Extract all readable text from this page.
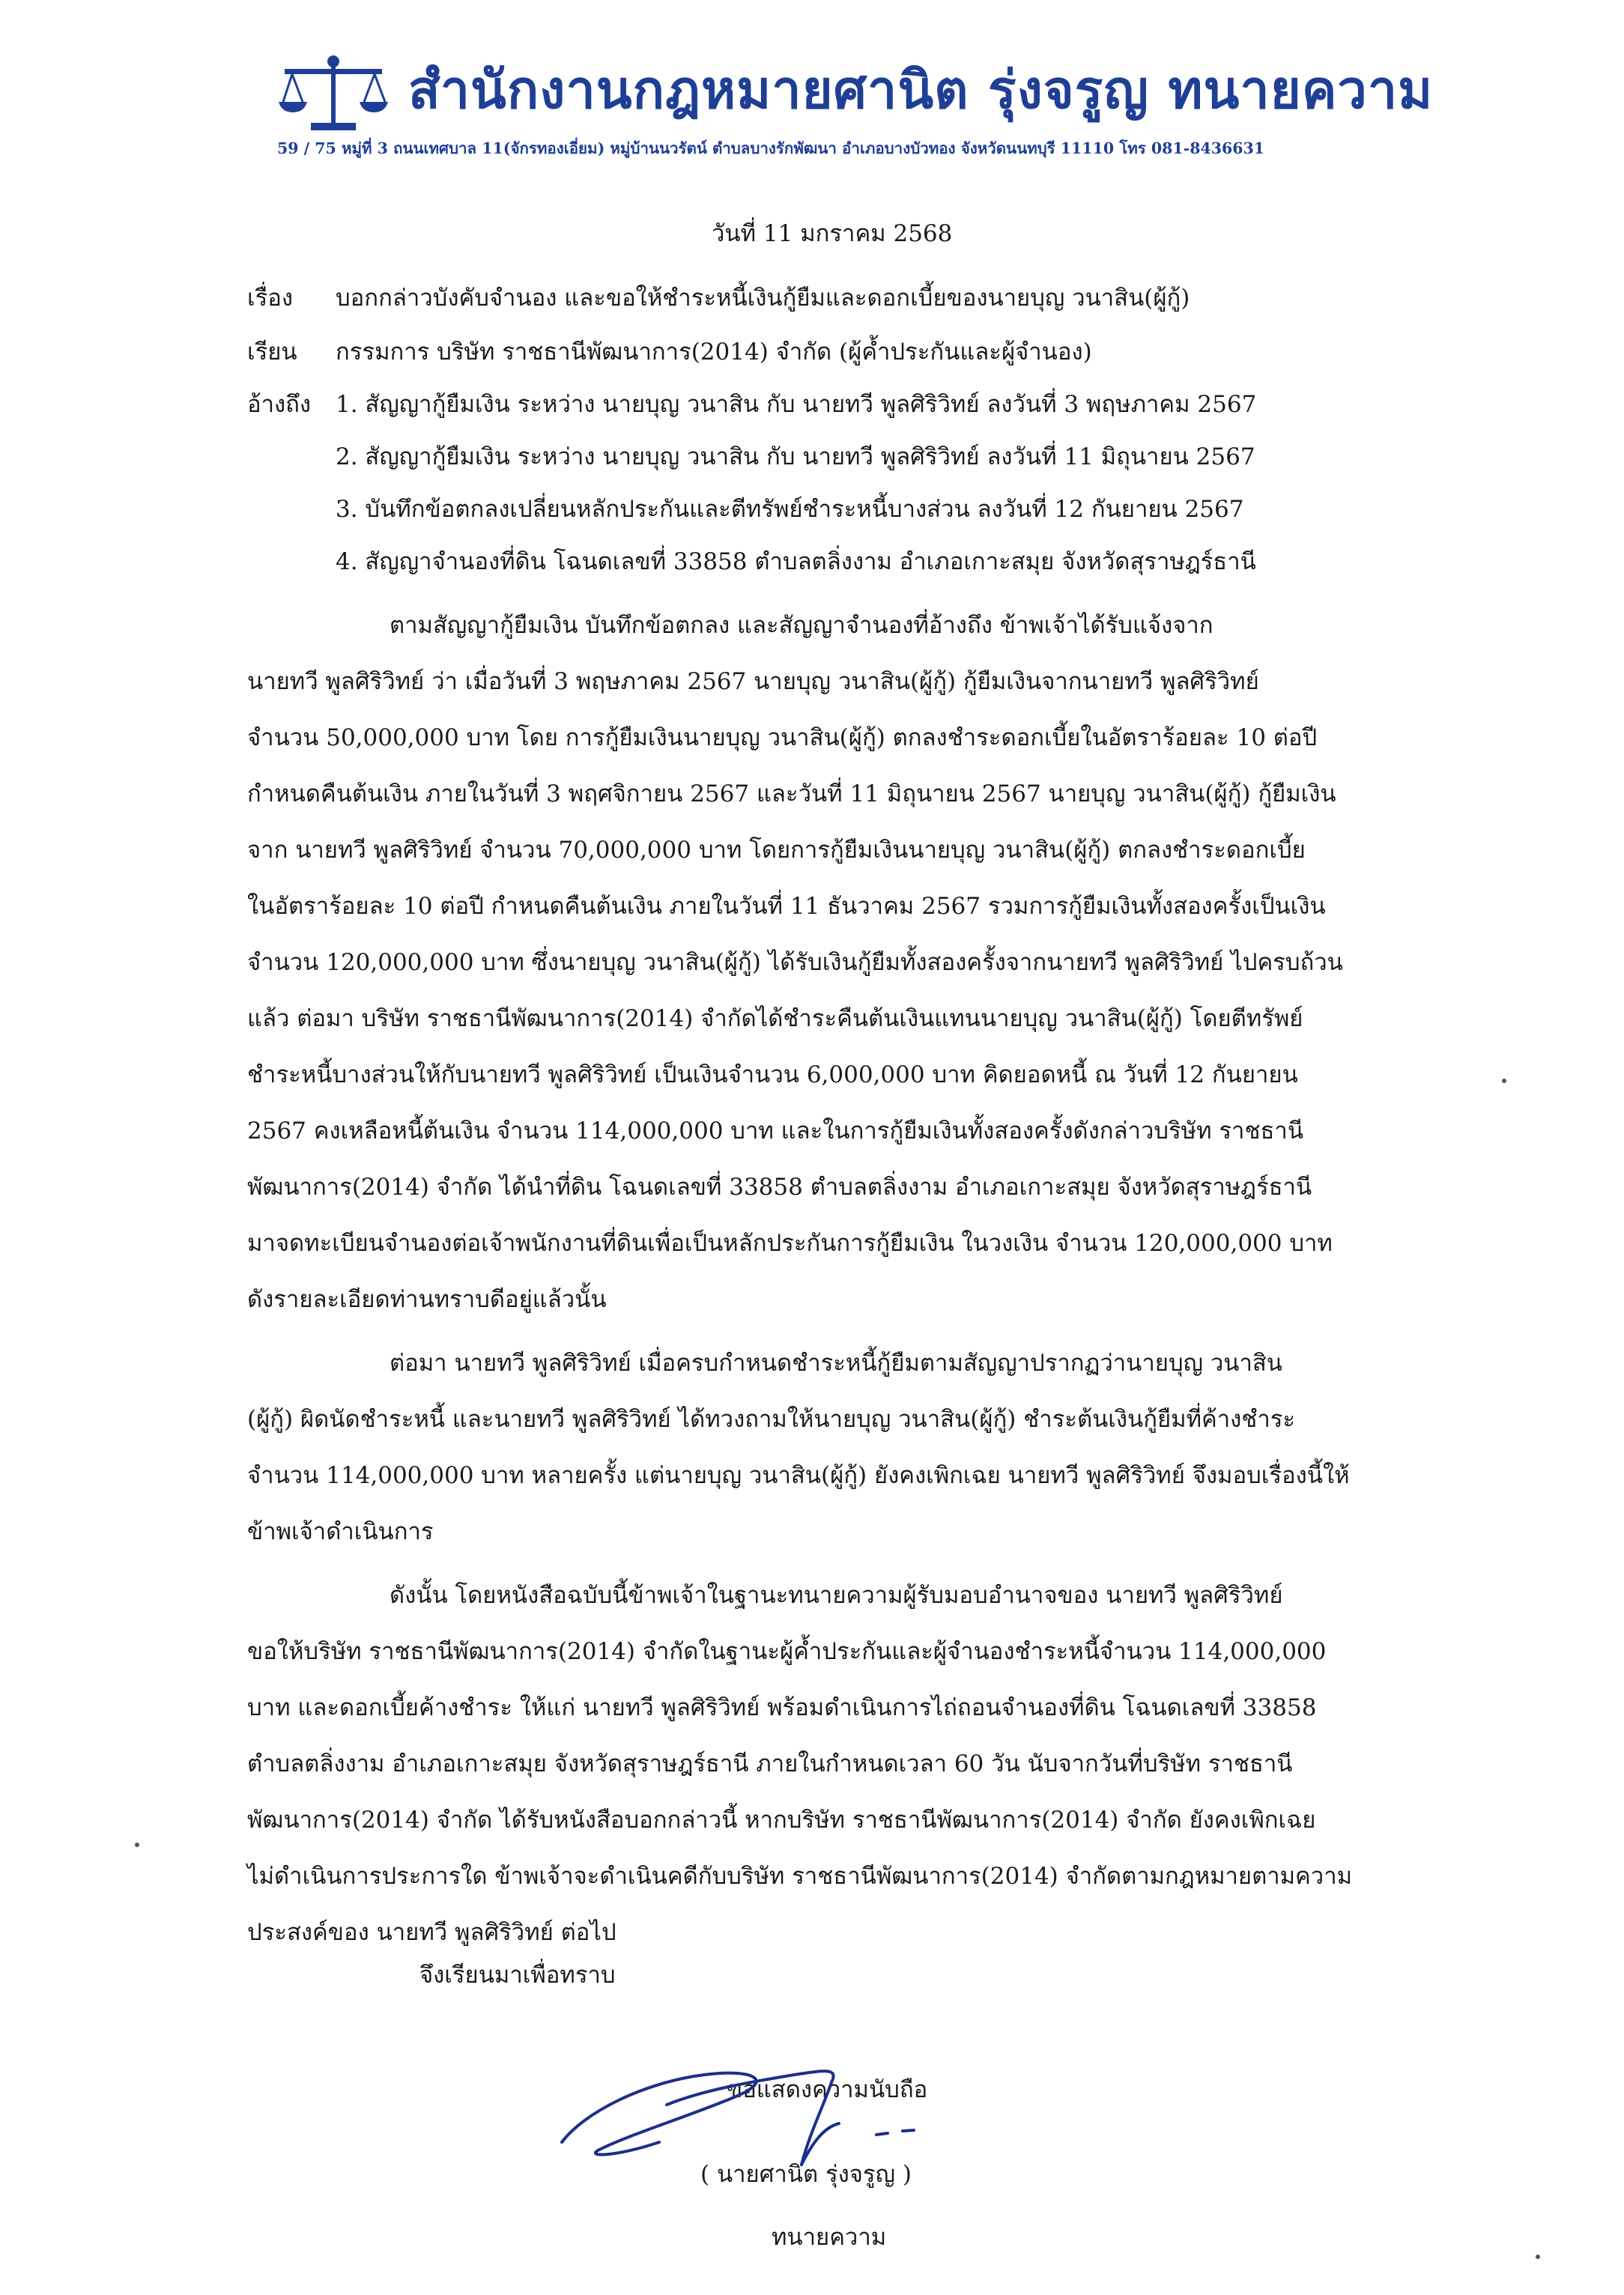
สำนักงานกฎหมายศานิต รุ่งจรูญ ทนายความ
59 / 75 หมู่ที่ 3 ถนนเทศบาล 11(จักรทองเอี่ยม) หมู่บ้านนวรัตน์ ตำบลบางรักพัฒนา อำเภอบางบัวทอง จังหวัดนนทบุรี 11110 โทร 081-8436631
วันที่ 11 มกราคม 2568
เรื่อง บอกกล่าวบังคับจำนอง และขอให้ชำระหนี้เงินกู้ยืมและดอกเบี้ยของนายบุญ วนาสิน(ผู้กู้)
เรียน กรรมการ บริษัท ราชธานีพัฒนาการ(2014) จำกัด (ผู้ค้ำประกันและผู้จำนอง)
อ้างถึง 1. สัญญากู้ยืมเงิน ระหว่าง นายบุญ วนาสิน กับ นายทวี พูลศิริวิทย์ ลงวันที่ 3 พฤษภาคม 2567
2. สัญญากู้ยืมเงิน ระหว่าง นายบุญ วนาสิน กับ นายทวี พูลศิริวิทย์ ลงวันที่ 11 มิถุนายน 2567
3. บันทึกข้อตกลงเปลี่ยนหลักประกันและตีทรัพย์ชำระหนี้บางส่วน ลงวันที่ 12 กันยายน 2567
4. สัญญาจำนองที่ดิน โฉนดเลขที่ 33858 ตำบลตลิ่งงาม อำเภอเกาะสมุย จังหวัดสุราษฎร์ธานี
ตามสัญญากู้ยืมเงิน บันทึกข้อตกลง และสัญญาจำนองที่อ้างถึง ข้าพเจ้าได้รับแจ้งจาก
นายทวี พูลศิริวิทย์ ว่า เมื่อวันที่ 3 พฤษภาคม 2567 นายบุญ วนาสิน(ผู้กู้) กู้ยืมเงินจากนายทวี พูลศิริวิทย์
จำนวน 50,000,000 บาท โดย การกู้ยืมเงินนายบุญ วนาสิน(ผู้กู้) ตกลงชำระดอกเบี้ยในอัตราร้อยละ 10 ต่อปี
กำหนดคืนต้นเงิน ภายในวันที่ 3 พฤศจิกายน 2567 และวันที่ 11 มิถุนายน 2567 นายบุญ วนาสิน(ผู้กู้) กู้ยืมเงิน
จาก นายทวี พูลศิริวิทย์ จำนวน 70,000,000 บาท โดยการกู้ยืมเงินนายบุญ วนาสิน(ผู้กู้) ตกลงชำระดอกเบี้ย
ในอัตราร้อยละ 10 ต่อปี กำหนดคืนต้นเงิน ภายในวันที่ 11 ธันวาคม 2567 รวมการกู้ยืมเงินทั้งสองครั้งเป็นเงิน
จำนวน 120,000,000 บาท ซึ่งนายบุญ วนาสิน(ผู้กู้) ได้รับเงินกู้ยืมทั้งสองครั้งจากนายทวี พูลศิริวิทย์ ไปครบถ้วน
แล้ว ต่อมา บริษัท ราชธานีพัฒนาการ(2014) จำกัดได้ชำระคืนต้นเงินแทนนายบุญ วนาสิน(ผู้กู้) โดยตีทรัพย์
ชำระหนี้บางส่วนให้กับนายทวี พูลศิริวิทย์ เป็นเงินจำนวน 6,000,000 บาท คิดยอดหนี้ ณ วันที่ 12 กันยายน
2567 คงเหลือหนี้ต้นเงิน จำนวน 114,000,000 บาท และในการกู้ยืมเงินทั้งสองครั้งดังกล่าวบริษัท ราชธานี
พัฒนาการ(2014) จำกัด ได้นำที่ดิน โฉนดเลขที่ 33858 ตำบลตลิ่งงาม อำเภอเกาะสมุย จังหวัดสุราษฎร์ธานี
มาจดทะเบียนจำนองต่อเจ้าพนักงานที่ดินเพื่อเป็นหลักประกันการกู้ยืมเงิน ในวงเงิน จำนวน 120,000,000 บาท
ดังรายละเอียดท่านทราบดีอยู่แล้วนั้น
ต่อมา นายทวี พูลศิริวิทย์ เมื่อครบกำหนดชำระหนี้กู้ยืมตามสัญญาปรากฏว่านายบุญ วนาสิน
(ผู้กู้) ผิดนัดชำระหนี้ และนายทวี พูลศิริวิทย์ ได้ทวงถามให้นายบุญ วนาสิน(ผู้กู้) ชำระต้นเงินกู้ยืมที่ค้างชำระ
จำนวน 114,000,000 บาท หลายครั้ง แต่นายบุญ วนาสิน(ผู้กู้) ยังคงเพิกเฉย นายทวี พูลศิริวิทย์ จึงมอบเรื่องนี้ให้
ข้าพเจ้าดำเนินการ
ดังนั้น โดยหนังสือฉบับนี้ข้าพเจ้าในฐานะทนายความผู้รับมอบอำนาจของ นายทวี พูลศิริวิทย์
ขอให้บริษัท ราชธานีพัฒนาการ(2014) จำกัดในฐานะผู้ค้ำประกันและผู้จำนองชำระหนี้จำนวน 114,000,000
บาท และดอกเบี้ยค้างชำระ ให้แก่ นายทวี พูลศิริวิทย์ พร้อมดำเนินการไถ่ถอนจำนองที่ดิน โฉนดเลขที่ 33858
ตำบลตลิ่งงาม อำเภอเกาะสมุย จังหวัดสุราษฎร์ธานี ภายในกำหนดเวลา 60 วัน นับจากวันที่บริษัท ราชธานี
พัฒนาการ(2014) จำกัด ได้รับหนังสือบอกกล่าวนี้ หากบริษัท ราชธานีพัฒนาการ(2014) จำกัด ยังคงเพิกเฉย
ไม่ดำเนินการประการใด ข้าพเจ้าจะดำเนินคดีกับบริษัท ราชธานีพัฒนาการ(2014) จำกัดตามกฎหมายตามความ
ประสงค์ของ นายทวี พูลศิริวิทย์ ต่อไป
จึงเรียนมาเพื่อทราบ
ขอแสดงความนับถือ
( นายศานิต รุ่งจรูญ )
ทนายความ
